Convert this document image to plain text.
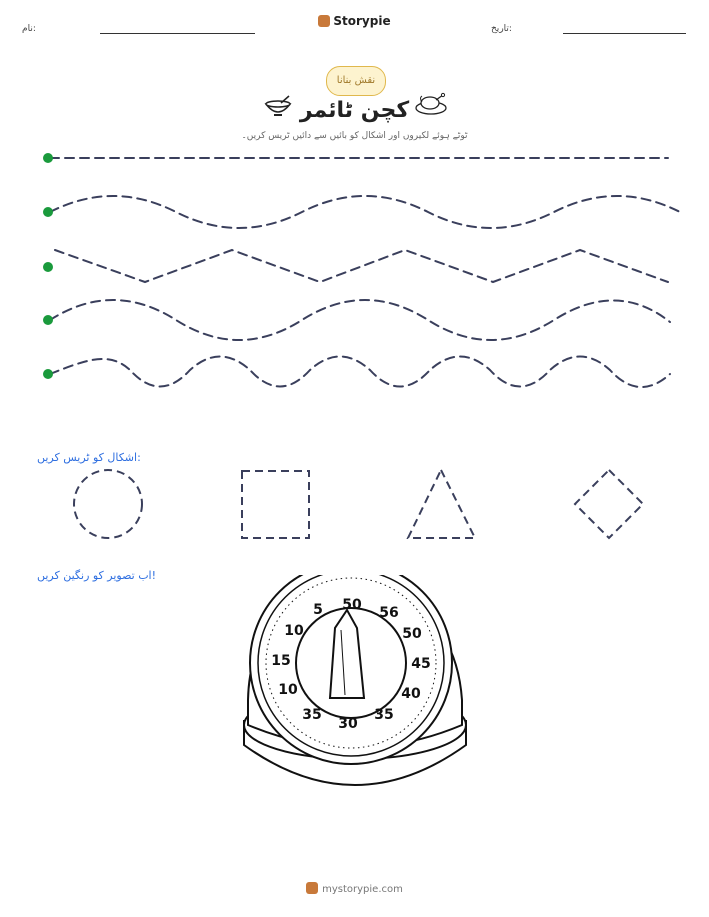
نام:
Storypie
تاریخ:
نقش بنانا
کچن ٹائمر
ٹوٹے ہوئے لکیروں اور اشکال کو بائیں سے دائیں ٹریس کریں۔
اشکال کو ٹریس کریں:
اب تصویر کو رنگین کریں!
50 56
50
45
40
35
30
35
10
15
10
5
mystorypie.com
